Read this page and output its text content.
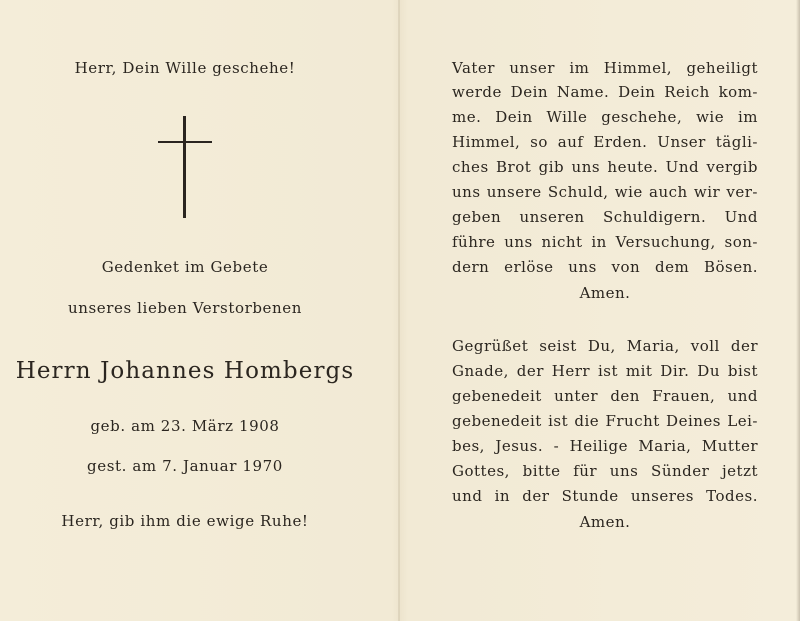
Herr, Dein Wille geschehe!
Gedenket im Gebete
unseres lieben Verstorbenen
Herrn Johannes Hombergs
geb. am 23. März 1908
gest. am 7. Januar 1970
Herr, gib ihm die ewige Ruhe!
Vater unser im Himmel, geheiligt
werde Dein Name. Dein Reich kom-
me. Dein Wille geschehe, wie im
Himmel, so auf Erden. Unser tägli-
ches Brot gib uns heute. Und vergib
uns unsere Schuld, wie auch wir ver-
geben unseren Schuldigern. Und
führe uns nicht in Versuchung, son-
dern erlöse uns von dem Bösen.
Amen.
Gegrüßet seist Du, Maria, voll der
Gnade, der Herr ist mit Dir. Du bist
gebenedeit unter den Frauen, und
gebenedeit ist die Frucht Deines Lei-
bes, Jesus. - Heilige Maria, Mutter
Gottes, bitte für uns Sünder jetzt
und in der Stunde unseres Todes.
Amen.
